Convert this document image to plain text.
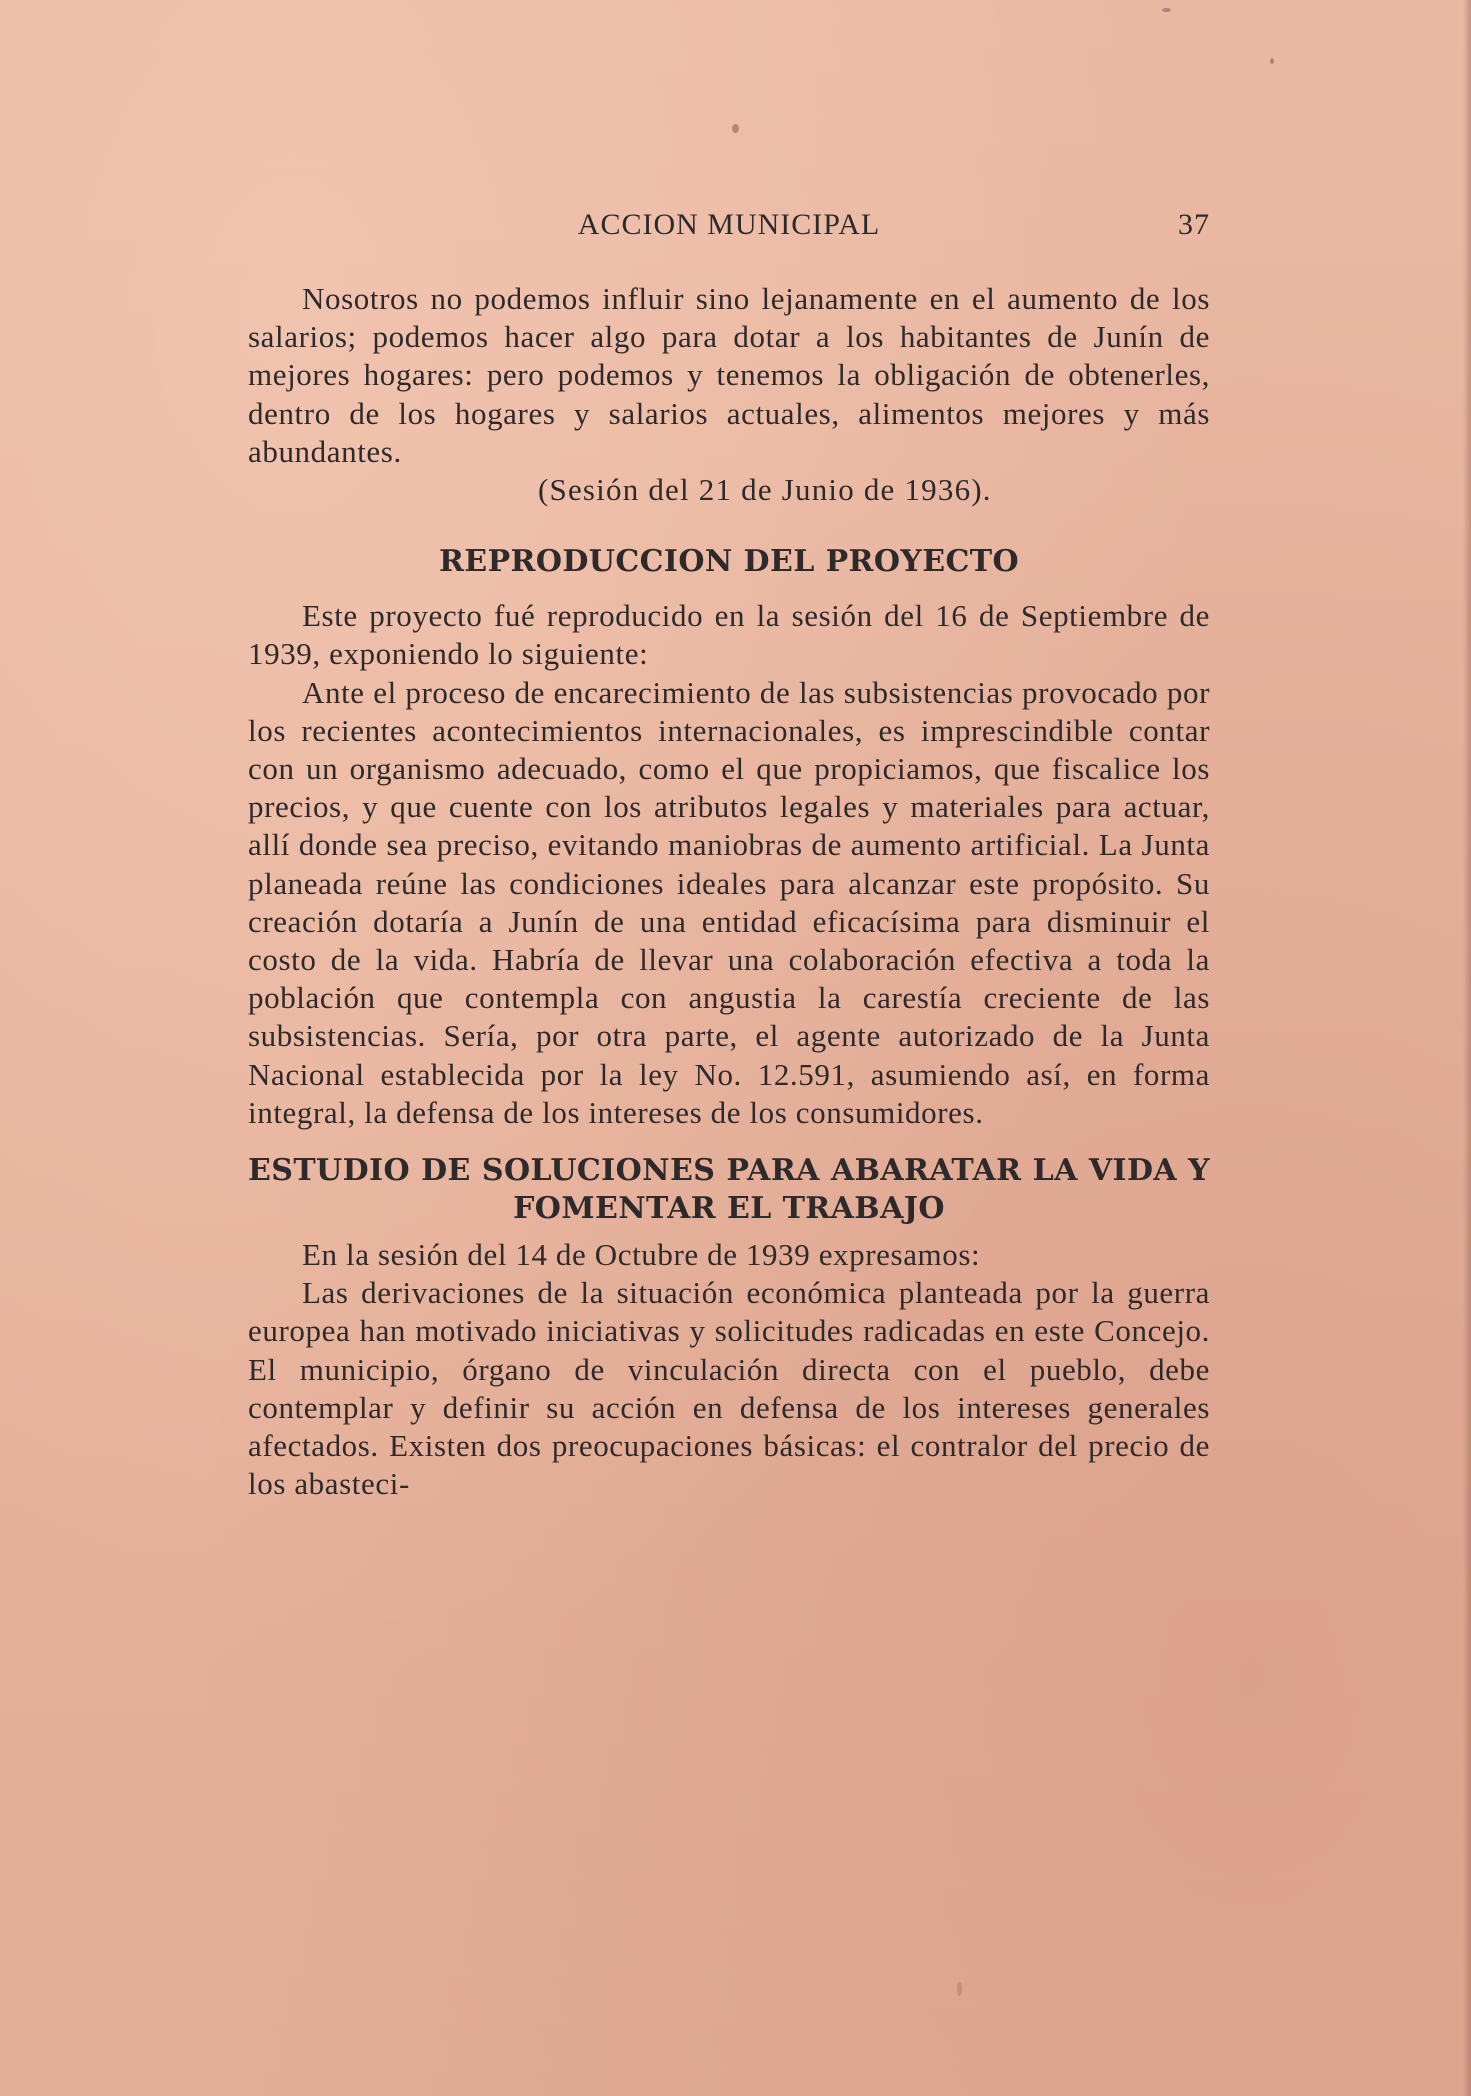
ACCION MUNICIPAL	37

Nosotros no podemos influir sino lejanamente en el aumento de los salarios; podemos hacer algo para dotar a los habitantes de Junín de mejores hogares: pero podemos y tenemos la obligación de obtenerles, dentro de los hogares y salarios actuales, alimentos mejores y más abundantes.

(Sesión del 21 de Junio de 1936).

REPRODUCCION DEL PROYECTO

Este proyecto fué reproducido en la sesión del 16 de Septiembre de 1939, exponiendo lo siguiente:

Ante el proceso de encarecimiento de las subsistencias provocado por los recientes acontecimientos internacionales, es imprescindible contar con un organismo adecuado, como el que propiciamos, que fiscalice los precios, y que cuente con los atributos legales y materiales para actuar, allí donde sea preciso, evitando maniobras de aumento artificial. La Junta planeada reúne las condiciones ideales para alcanzar este propósito. Su creación dotaría a Junín de una entidad eficacísima para disminuir el costo de la vida. Habría de llevar una colaboración efectiva a toda la población que contempla con angustia la carestía creciente de las subsistencias. Sería, por otra parte, el agente autorizado de la Junta Nacional establecida por la ley No. 12.591, asumiendo así, en forma integral, la defensa de los intereses de los consumidores.

ESTUDIO DE SOLUCIONES PARA ABARATAR LA VIDA Y FOMENTAR EL TRABAJO

En la sesión del 14 de Octubre de 1939 expresamos:

Las derivaciones de la situación económica planteada por la guerra europea han motivado iniciativas y solicitudes radicadas en este Concejo. El municipio, órgano de vinculación directa con el pueblo, debe contemplar y definir su acción en defensa de los intereses generales afectados. Existen dos preocupaciones básicas: el contralor del precio de los abasteci-
